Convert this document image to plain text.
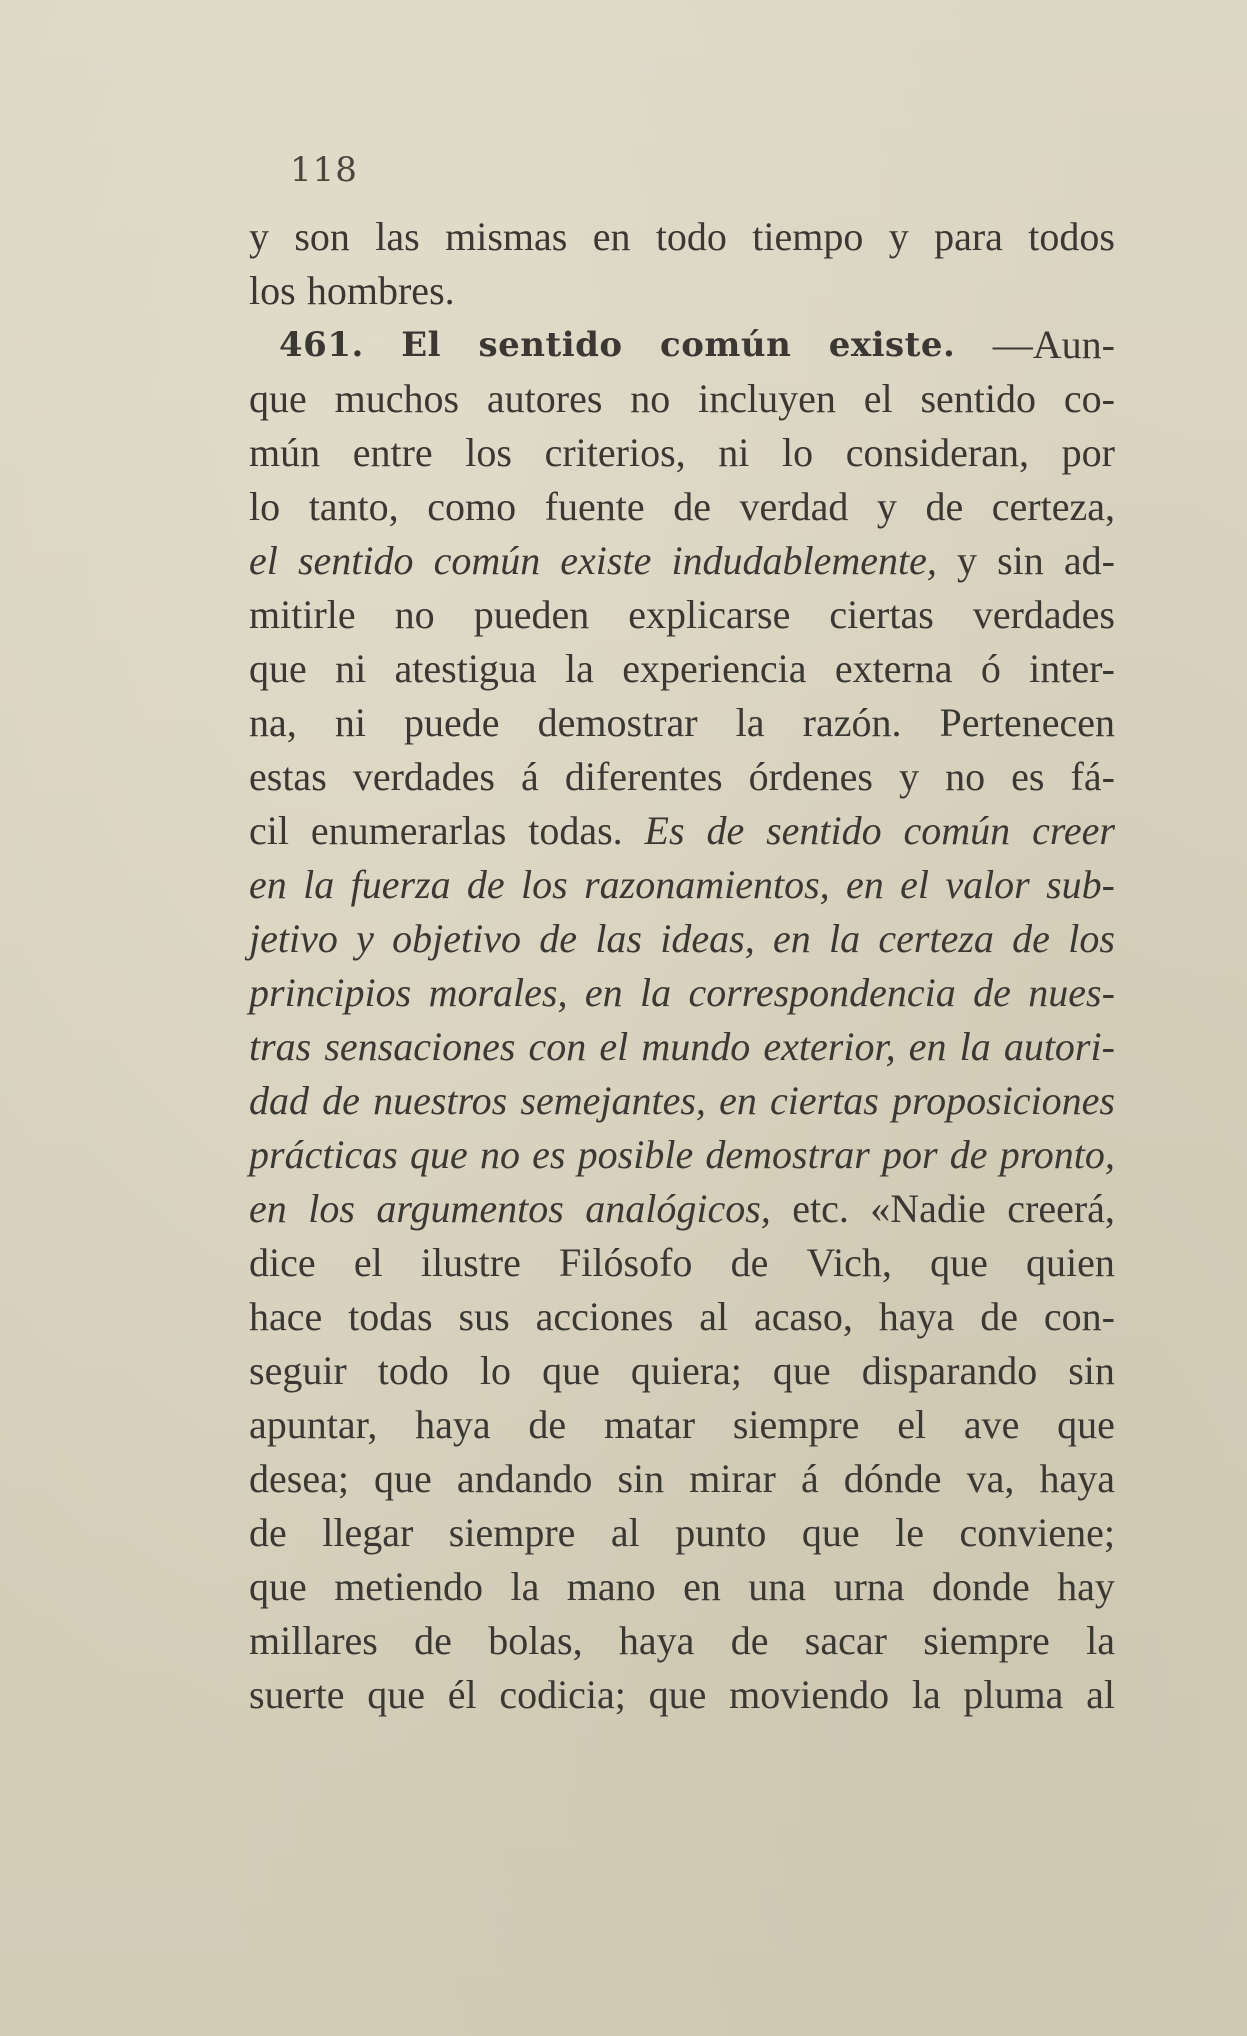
118
y son las mismas en todo tiempo y para todos
los hombres.
461. El sentido común existe. —Aun-
que muchos autores no incluyen el sentido co-
mún entre los criterios, ni lo consideran, por
lo tanto, como fuente de verdad y de certeza,
el sentido común existe indudablemente, y sin ad-
mitirle no pueden explicarse ciertas verdades
que ni atestigua la experiencia externa ó inter-
na, ni puede demostrar la razón. Pertenecen
estas verdades á diferentes órdenes y no es fá-
cil enumerarlas todas. Es de sentido común creer
en la fuerza de los razonamientos, en el valor sub-
jetivo y objetivo de las ideas, en la certeza de los
principios morales, en la correspondencia de nues-
tras sensaciones con el mundo exterior, en la autori-
dad de nuestros semejantes, en ciertas proposiciones
prácticas que no es posible demostrar por de pronto,
en los argumentos analógicos, etc. «Nadie creerá,
dice el ilustre Filósofo de Vich, que quien
hace todas sus acciones al acaso, haya de con-
seguir todo lo que quiera; que disparando sin
apuntar, haya de matar siempre el ave que
desea; que andando sin mirar á dónde va, haya
de llegar siempre al punto que le conviene;
que metiendo la mano en una urna donde hay
millares de bolas, haya de sacar siempre la
suerte que él codicia; que moviendo la pluma al
